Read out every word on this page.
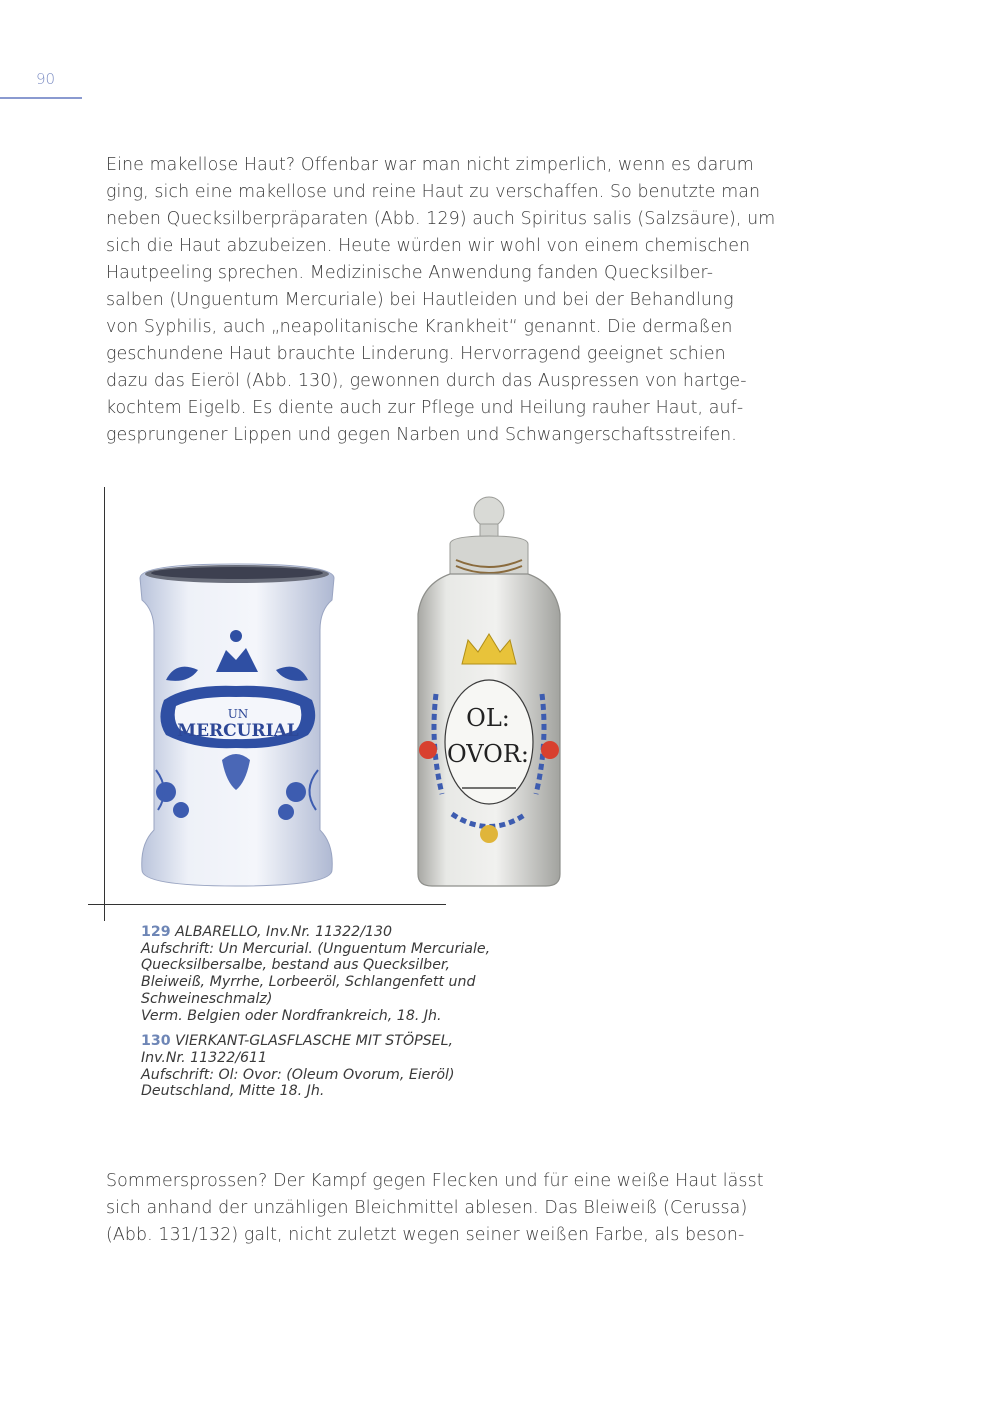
90
Eine makellose Haut? Offenbar war man nicht zimperlich, wenn es darum
ging, sich eine makellose und reine Haut zu verschaffen. So benutzte man
neben Quecksilberpräparaten (Abb. 129) auch Spiritus salis (Salzsäure), um
sich die Haut abzubeizen. Heute würden wir wohl von einem chemischen
Hautpeeling sprechen. Medizinische Anwendung fanden Quecksilber-
salben (Unguentum Mercuriale) bei Hautleiden und bei der Behandlung
von Syphilis, auch „neapolitanische Krankheit“ genannt. Die dermaßen
geschundene Haut brauchte Linderung. Hervorragend geeignet schien
dazu das Eieröl (Abb. 130), gewonnen durch das Auspressen von hartge-
kochtem Eigelb. Es diente auch zur Pflege und Heilung rauher Haut, auf-
gesprungener Lippen und gegen Narben und Schwangerschaftsstreifen.
UN
MERCURIAL	OL:
OVOR:
129 ALBARELLO, Inv.Nr. 11322/130
Aufschrift: Un Mercurial. (Unguentum Mercuriale,
Quecksilbersalbe, bestand aus Quecksilber,
Bleiweiß, Myrrhe, Lorbeeröl, Schlangenfett und
Schweineschmalz)
Verm. Belgien oder Nordfrankreich, 18. Jh.
130 VIERKANT-GLASFLASCHE MIT STÖPSEL,
Inv.Nr. 11322/611
Aufschrift: Ol: Ovor: (Oleum Ovorum, Eieröl)
Deutschland, Mitte 18. Jh.
Sommersprossen? Der Kampf gegen Flecken und für eine weiße Haut lässt
sich anhand der unzähligen Bleichmittel ablesen. Das Bleiweiß (Cerussa)
(Abb. 131/132) galt, nicht zuletzt wegen seiner weißen Farbe, als beson-
